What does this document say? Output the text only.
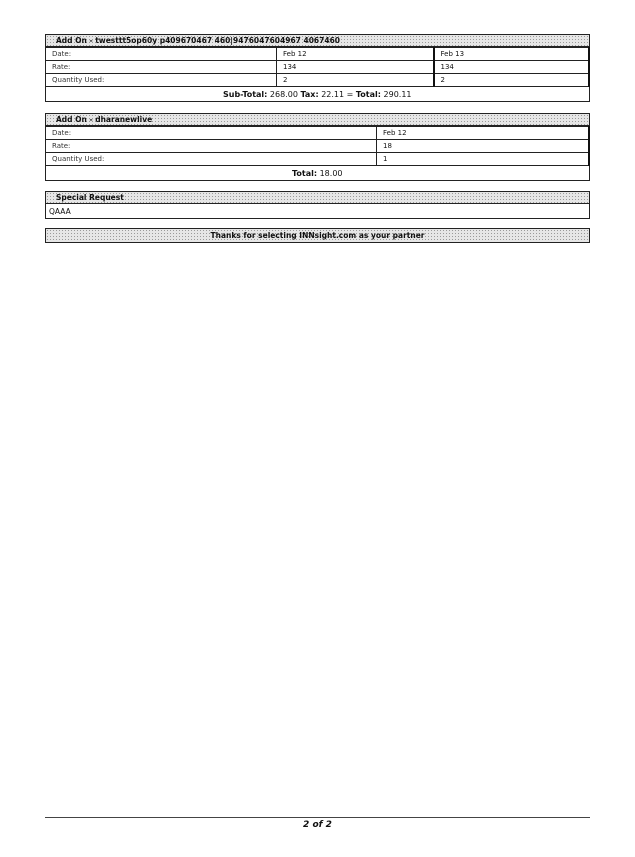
Add On - twesttt5op60y p409670467 460|9476047604967 4067460
Date:	Feb 12	Feb 13
Rate:	134	134
Quantity Used:	2	2
Sub-Total: 268.00 Tax: 22.11 = Total: 290.11		
Add On - dharanewlive
Date:	Feb 12
Rate:	18
Quantity Used:	1
Total: 18.00	
Special Request
QAAA
Thanks for selecting INNsight.com as your partner
2 of 2
